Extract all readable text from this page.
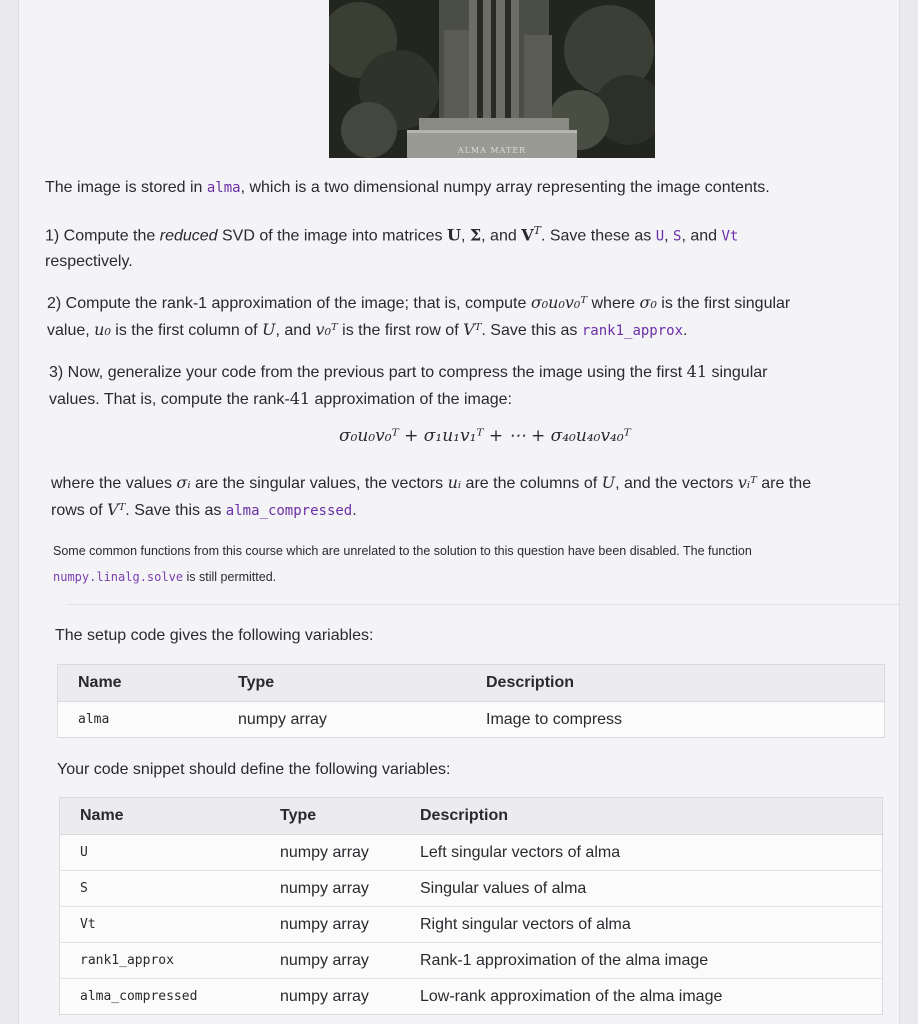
ALMA MATER
The image is stored in alma, which is a two dimensional numpy array representing the image contents.
1) Compute the reduced SVD of the image into matrices U, Σ, and $V^T$. Save these as U, S, and Vt
respectively.
2) Compute the rank-1 approximation of the image; that is, compute σ₀u₀v₀ᵀ where σ₀ is the first singular
value, u₀ is the first column of U, and v₀ᵀ is the first row of Vᵀ. Save this as rank1_approx.
3) Now, generalize your code from the previous part to compress the image using the first 41 singular
values. That is, compute the rank-41 approximation of the image:
σ₀u₀v₀ᵀ + σ₁u₁v₁ᵀ + ⋯ + σ₄₀u₄₀v₄₀ᵀ
where the values σᵢ are the singular values, the vectors uᵢ are the columns of U, and the vectors vᵢᵀ are the
rows of Vᵀ. Save this as alma_compressed.
Some common functions from this course which are unrelated to the solution to this question have been disabled. The function
numpy.linalg.solve is still permitted.
The setup code gives the following variables:
Name	Type	Description
alma	numpy array	Image to compress
Your code snippet should define the following variables:
Name	Type	Description
U	numpy array	Left singular vectors of alma
S	numpy array	Singular values of alma
Vt	numpy array	Right singular vectors of alma
rank1_approx	numpy array	Rank-1 approximation of the alma image
alma_compressed	numpy array	Low-rank approximation of the alma image
